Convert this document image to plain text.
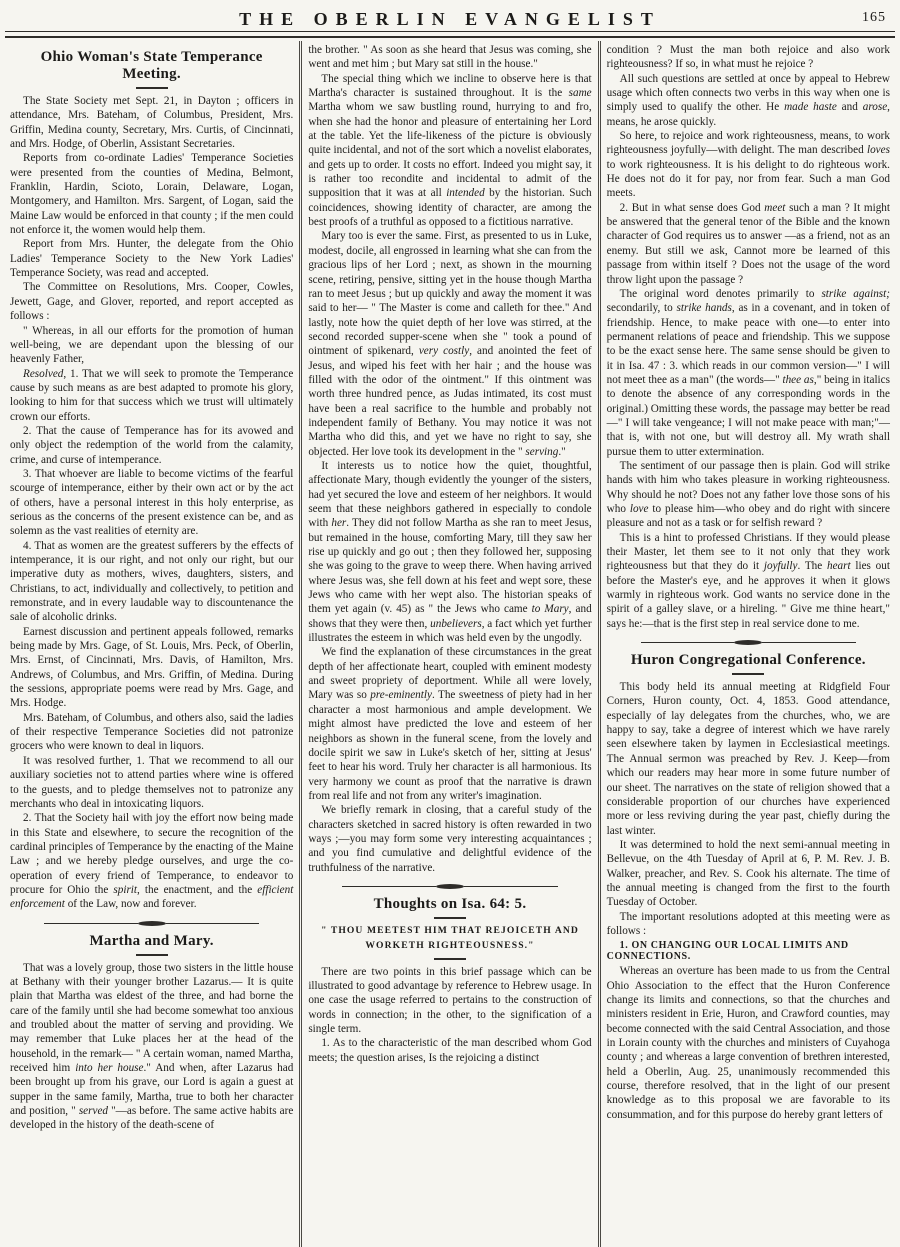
THE OBERLIN EVANGELIST	165
Ohio Woman's State Temperance Meeting.

The State Society met Sept. 21, in Dayton ; officers in attendance, Mrs. Bateham, of Columbus, President, Mrs. Griffin, Medina county, Secretary, Mrs. Curtis, of Cincinnati, and Mrs. Hodge, of Oberlin, Assistant Secretaries.

Reports from co-ordinate Ladies' Temperance Societies were presented from the counties of Medina, Belmont, Franklin, Hardin, Scioto, Lorain, Delaware, Logan, Montgomery, and Hamilton. Mrs. Sargent, of Logan, said the Maine Law would be enforced in that county ; if the men could not enforce it, the women would help them.

Report from Mrs. Hunter, the delegate from the Ohio Ladies' Temperance Society to the New York Ladies' Temperance Society, was read and accepted.

The Committee on Resolutions, Mrs. Cooper, Cowles, Jewett, Gage, and Glover, reported, and report accepted as follows :

" Whereas, in all our efforts for the promotion of human well-being, we are dependant upon the blessing of our heavenly Father,

Resolved, 1. That we will seek to promote the Temperance cause by such means as are best adapted to promote his glory, looking to him for that success which we trust will ultimately crown our efforts.

2. That the cause of Temperance has for its avowed and only object the redemption of the world from the calamity, crime, and curse of intemperance.

3. That whoever are liable to become victims of the fearful scourge of intemperance, either by their own act or by the act of others, have a personal interest in this holy enterprise, as serious as the concerns of the present existence can be, and as solemn as the vast realities of eternity are.

4. That as women are the greatest sufferers by the effects of intemperance, it is our right, and not only our right, but our imperative duty as mothers, wives, daughters, sisters, and Christians, to act, individually and collectively, to petition and remonstrate, and in every laudable way to discountenance the sale of alcoholic drinks.

Earnest discussion and pertinent appeals followed, remarks being made by Mrs. Gage, of St. Louis, Mrs. Peck, of Oberlin, Mrs. Ernst, of Cincinnati, Mrs. Davis, of Hamilton, Mrs. Andrews, of Columbus, and Mrs. Griffin, of Medina. During the sessions, appropriate poems were read by Mrs. Gage, and Mrs. Hodge.

Mrs. Bateham, of Columbus, and others also, said the ladies of their respective Temperance Societies did not patronize grocers who were known to deal in liquors.

It was resolved further, 1. That we recommend to all our auxiliary societies not to attend parties where wine is offered to the guests, and to pledge themselves not to patronize any merchants who deal in intoxicating liquors.

2. That the Society hail with joy the effort now being made in this State and elsewhere, to secure the recognition of the cardinal principles of Temperance by the enacting of the Maine Law ; and we hereby pledge ourselves, and urge the co-operation of every friend of Temperance, to endeavor to procure for Ohio the spirit, the enactment, and the efficient enforcement of the Law, now and forever.

Martha and Mary.

That was a lovely group, those two sisters in the little house at Bethany with their younger brother Lazarus.— It is quite plain that Martha was eldest of the three, and had borne the care of the family until she had become somewhat too anxious and troubled about the matter of serving and providing. We may remember that Luke places her at the head of the household, in the remark— " A certain woman, named Martha, received him into her house." And when, after Lazarus had been brought up from his grave, our Lord is again a guest at supper in the same family, Martha, true to both her character and position, " served "—as before. The same active habits are developed in the history of the death-scene of

the brother. " As soon as she heard that Jesus was coming, she went and met him ; but Mary sat still in the house."

The special thing which we incline to observe here is that Martha's character is sustained throughout. It is the same Martha whom we saw bustling round, hurrying to and fro, when she had the honor and pleasure of entertaining her Lord at the table. Yet the life-likeness of the picture is obviously quite incidental, and not of the sort which a novelist elaborates, and gets up to order. It costs no effort. Indeed you might say, it is rather too recondite and incidental to admit of the supposition that it was at all intended by the historian. Such coincidences, showing identity of character, are among the best proofs of a truthful as opposed to a fictitious narrative.

Mary too is ever the same. First, as presented to us in Luke, modest, docile, all engrossed in learning what she can from the gracious lips of her Lord ; next, as shown in the mourning scene, retiring, pensive, sitting yet in the house though Martha ran to meet Jesus ; but up quickly and away the moment it was said to her— " The Master is come and calleth for thee." And lastly, note how the quiet depth of her love was stirred, at the second recorded supper-scene when she " took a pound of ointment of spikenard, very costly, and anointed the feet of Jesus, and wiped his feet with her hair ; and the house was filled with the odor of the ointment." If this ointment was worth three hundred pence, as Judas intimated, its cost must have been a real sacrifice to the humble and probably not independent family of Bethany. You may notice it was not Martha who did this, and yet we have no right to say, she objected. Her love took its development in the " serving."

It interests us to notice how the quiet, thoughtful, affectionate Mary, though evidently the younger of the sisters, had yet secured the love and esteem of her neighbors. It would seem that these neighbors gathered in especially to condole with her. They did not follow Martha as she ran to meet Jesus, but remained in the house, comforting Mary, till they saw her rise up quickly and go out ; then they followed her, supposing she was going to the grave to weep there. When having arrived where Jesus was, she fell down at his feet and wept sore, these Jews who came with her wept also. The historian speaks of them yet again (v. 45) as " the Jews who came to Mary, and shows that they were then, unbelievers, a fact which yet further illustrates the esteem in which was held even by the ungodly.

We find the explanation of these circumstances in the great depth of her affectionate heart, coupled with eminent modesty and sweet propriety of deportment. While all were lovely, Mary was so pre-eminently. The sweetness of piety had in her character a most harmonious and ample development. We might almost have predicted the love and esteem of her neighbors as shown in the funeral scene, from the lovely and docile spirit we saw in Luke's sketch of her, sitting at Jesus' feet to hear his word. Truly her character is all harmonious. Its very harmony we count as proof that the narrative is drawn from real life and not from any writer's imagination.

We briefly remark in closing, that a careful study of the characters sketched in sacred history is often rewarded in two ways ;—you may form some very interesting acquaintances ; and you find cumulative and delightful evidence of the truthfulness of the narrative.

Thoughts on Isa. 64: 5.
" THOU MEETEST HIM THAT REJOICETH AND WORKETH RIGHTEOUSNESS."

There are two points in this brief passage which can be illustrated to good advantage by reference to Hebrew usage. In one case the usage referred to pertains to the construction of words in connection; in the other, to the signification of a single term.

1. As to the characteristic of the man described whom God meets; the question arises, Is the rejoicing a distinct

condition ? Must the man both rejoice and also work righteousness? If so, in what must he rejoice ?

All such questions are settled at once by appeal to Hebrew usage which often connects two verbs in this way when one is simply used to qualify the other. He made haste and arose, means, he arose quickly.

So here, to rejoice and work righteousness, means, to work righteousness joyfully—with delight. The man described loves to work righteousness. It is his delight to do righteous work. He does not do it for pay, nor from fear. Such a man God meets.

2. But in what sense does God meet such a man ? It might be answered that the general tenor of the Bible and the known character of God requires us to answer —as a friend, not as an enemy. But still we ask, Cannot more be learned of this passage from within itself ? Does not the usage of the word throw light upon the passage ?

The original word denotes primarily to strike against; secondarily, to strike hands, as in a covenant, and in token of friendship. Hence, to make peace with one—to enter into permanent relations of peace and friendship. This we suppose to be the exact sense here. The same sense should be given to it in Isa. 47 : 3. which reads in our common version—" I will not meet thee as a man" (the words—" thee as," being in italics to denote the absence of any corresponding words in the original.) Omitting these words, the passage may better be read—" I will take vengeance; I will not make peace with man;"—that is, with not one, but will destroy all. My wrath shall pursue them to utter extermination.

The sentiment of our passage then is plain. God will strike hands with him who takes pleasure in working righteousness. Why should he not? Does not any father love those sons of his who love to please him—who obey and do right with sincere pleasure and not as a task or for selfish reward ?

This is a hint to professed Christians. If they would please their Master, let them see to it not only that they work righteousness but that they do it joyfully. The heart lies out before the Master's eye, and he approves it when it glows warmly in righteous work. God wants no service done in the spirit of a galley slave, or a hireling. " Give me thine heart," says he:—that is the first step in real service done to me.

Huron Congregational Conference.

This body held its annual meeting at Ridgfield Four Corners, Huron county, Oct. 4, 1853. Good attendance, especially of lay delegates from the churches, who, we are happy to say, take a degree of interest which we have rarely seen elsewhere taken by laymen in Ecclesiastical meetings. The Annual sermon was preached by Rev. J. Keep—from which our readers may hear more in some future number of our sheet. The narratives on the state of religion showed that a considerable proportion of our churches have experienced more or less reviving during the year past, chiefly during the last winter.

It was determined to hold the next semi-annual meeting in Bellevue, on the 4th Tuesday of April at 6, P. M. Rev. J. B. Walker, preacher, and Rev. S. Cook his alternate. The time of the annual meeting is changed from the first to the fourth Tuesday of October.

The important resolutions adopted at this meeting were as follows :

1. ON CHANGING OUR LOCAL LIMITS AND CONNECTIONS.

Whereas an overture has been made to us from the Central Ohio Association to the effect that the Huron Conference change its limits and connections, so that the churches and ministers resident in Erie, Huron, and Crawford counties, may become connected with the said Central Association, and those in Lorain county with the churches and ministers of Cuyahoga county ; and whereas a large convention of brethren interested, held a Oberlin, Aug. 25, unanimously recommended this course, therefore resolved, that in the light of our present knowledge as to this proposal we are favorable to its consummation, and for this purpose do hereby grant letters of
